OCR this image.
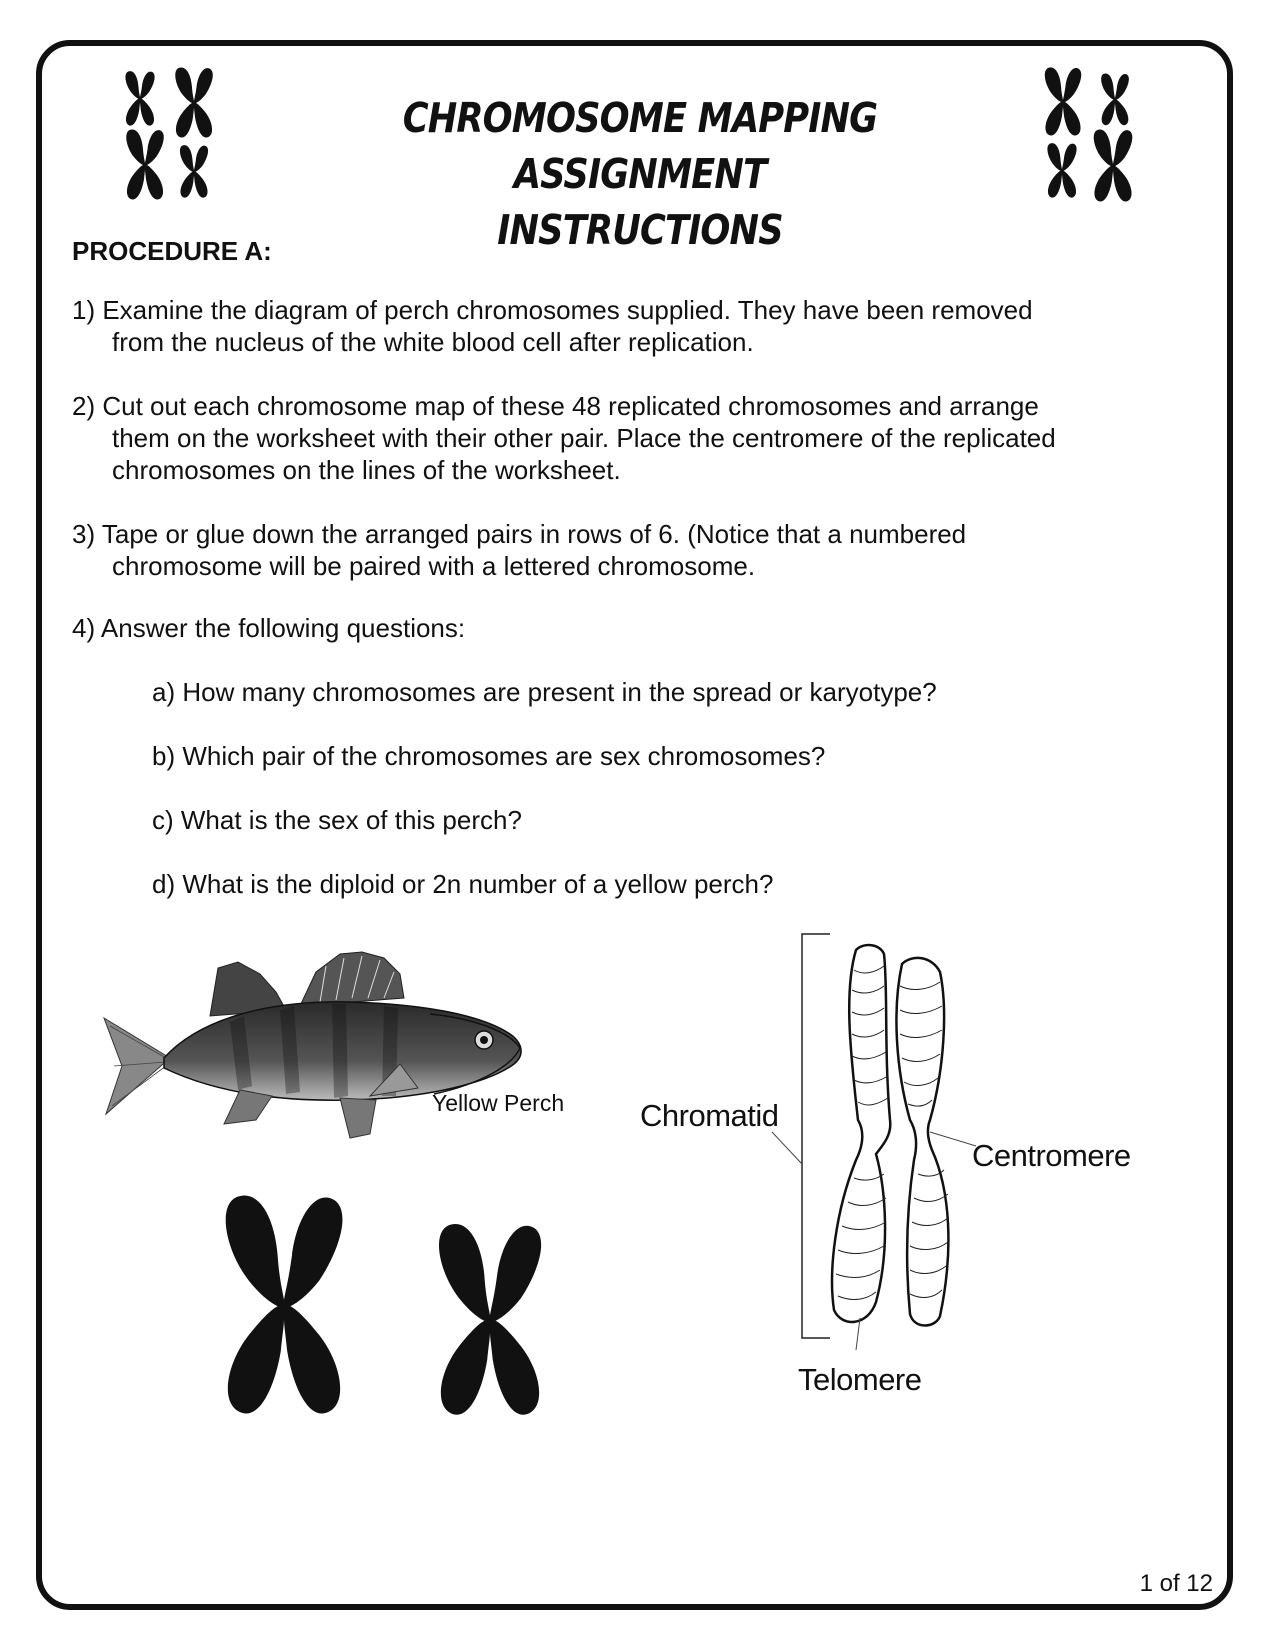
CHROMOSOME MAPPING ASSIGNMENT
INSTRUCTIONS
PROCEDURE A:
1) Examine the diagram of perch chromosomes supplied. They have been removed
from the nucleus of the white blood cell after replication.
2) Cut out each chromosome map of these 48 replicated chromosomes and arrange
them on the worksheet with their other pair. Place the centromere of the replicated chromosomes on the lines of the worksheet.
3) Tape or glue down the arranged pairs in rows of 6. (Notice that a numbered
chromosome will be paired with a lettered chromosome.
4) Answer the following questions:
a) How many chromosomes are present in the spread or karyotype?
b) Which pair of the chromosomes are sex chromosomes?
c) What is the sex of this perch?
d) What is the diploid or 2n number of a yellow perch?
Yellow Perch Chromatid
Centromere
Telomere
1 of 12
